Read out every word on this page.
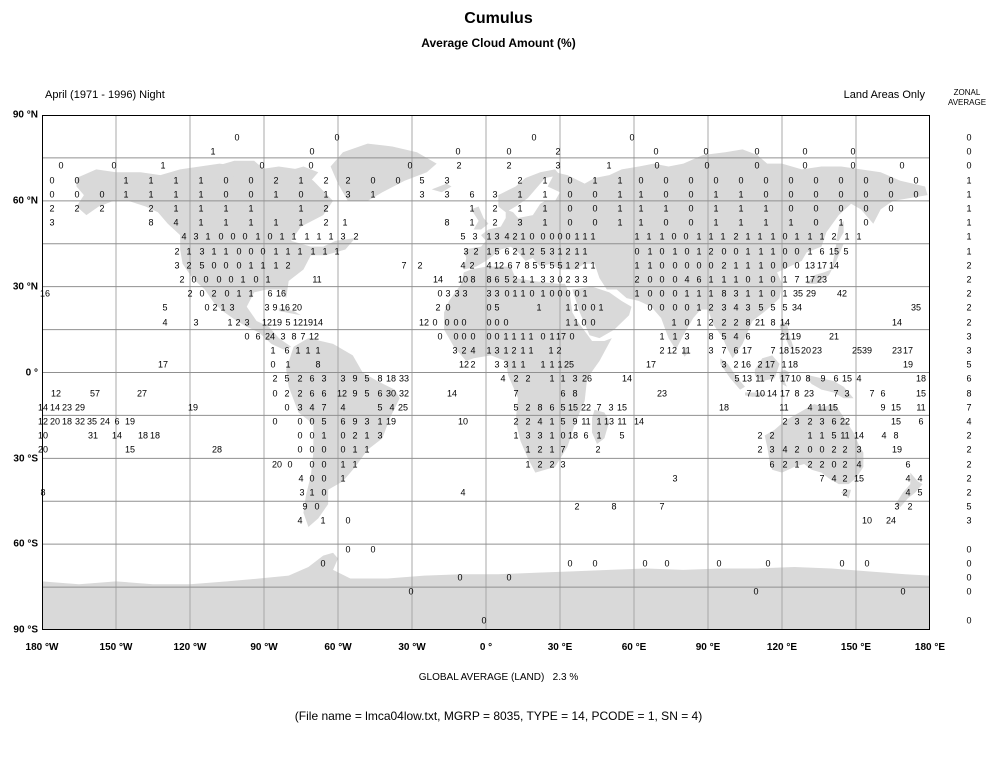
Cumulus
Average Cloud Amount (%)
April (1971 - 1996) Night	Land Areas Only	ZONAL
AVERAGE
0	0	0	0
1	0	0	0	2	0	0	0	0	0
0	0	1	0	0	0	2	2	3	1	0	0	0	0	0	0
0 0	1 1 1 1 0 0 2 1 2 2 0 0 5 3	2 1 0 1 1 0 0 0 0 0 0 0 0 0 0 0 0
0 0 0 1 1 1 1 0 0 1 0 1 3 1	3 3 6 3 1 1 0 0 1 1 0 0 1 1 0 0 0 0 0 0 0
2 2 2	2 1 1 1 1	1 2	1 2 1 1 0 0 1 1 1 0 1 1 1 0 0 0 0 0
3	8 4 1 1 1 1 1 2 1	8 1 2 3 1 0 0 1 1 0 0 1 1 1 1 0 1 0
4 3 1 0 0 0 1 0 1 1 1 1 1 3 2	5 3 1 3 4 2 1 0 0 0 0 0 1 1 1	1 1 1 0 0 1 1 1 2 1 1 1 0 1 1 1 2 1 1
2 1 3 1 1 0 0 0 1 1 1 1 1 1	3 2 1 5 6 2 1 2 5 3 1 2 1 1	0 1 0 1 0 1 2 0 0 1 1 1 0 0 1 6 15 5
3 2 5 0 0 0 1 1 1 2	7 2	4 2 4 12 6 7 8 5 5 5 5 1 2 1 1	1 1 0 0 0 0 0 2 1 1 1 0 0 0 13 17 14
2 0 0 0 0 1 0 1	11	14 10 8 8 6 5 2 1 1 3 3 0 2 3 3	2 0 0 0 4 6 1 1 1 0 1 0 1 7 17 23
16	2 0 2 0 1 1 6 16	0 3 3 3 3 3 0 1 1 0 1 0 0 0 0 1	1 0 0 0 1 1 1 8 3 1 1 0 1 35 29 42
5	0 2 1 3	3 9 16 20	2 0	0 5	1	1 1 0 0 1	0 0 0 0 1 2 3 4 3 5 5 5 34	35
4	3	1 2 3 12 19 5 12 19 14	12 0 0 0 0 0 0 0	1 1 0 0	1 0 1 2 2 2 8 21 8 14	14
0 6 24 3 8 7 12	0 0 0 0 0 0 1 1 1 1 0 1 17 0	1 1 3 8 5 4 6	21 19	21
1 6 1 1 1	3 2 4 1 3 1 2 1 1 1 2	2 12 11 3 7 6 17 7 18 15 20 23	25 39 23 17
17	0 1	8	12 2 3 3 1 1 1 1 1 25	17	3 2 16 2 17 1 18	19
2 5 2 6 3 3 9 5 8 18 33	4 2 2 1 1 3 26	14	5 13 11 7 17 10 8 9 6 15 4	18
12	57	27	0 2 2 6 6 12 9 5 6 30 32	14	7	6 8	23	7 10 14 17 8 23 7 3 7 6	15
14 14 23 29	19	0 3 4 7 4	5 4 25	5 2 8 6 5 15 22 7 3 15	18	11 4 11 15	9 15 11
12 20 18 32 35 24 6 19	0 0 0 5 6 9 3 1 19	10	2 2 4 1 5 9 11 1 13 11 14	2 3 2 3 6 22	15 6
10	31 14 18 18	0 0 1 0 2 1 3	1 3 3 1 0 18 6 1 5	2 2	1 1 5 11 14 4 8
20	15	28	0 0 0 0 1 1	1 2 1 7	2	2 3 4 2 0 0 2 2 3	19
20 0 0 0 1 1	1 2 2 3	6 2 1 2 2 0 2 4	6
4 0 0 1	3	7 4 2 15	4 4
8	3 1 0	4	2	4 5
9 0	2	8	7	3 2
4 1 0	10 24
0 0
0	0 0	0 0	0	0	0 0
0	0
0	0	0
0
0
0
0
1
1
1
1
1
1
2
2
2
2
2
3
3
5
6
8
7
4
2
2
2
2
2
5
3
0
0
0
0
0
90 °N
60 °N
30 °N
0 °
30 °S
60 °S
90 °S
180 °W	150 °W	120 °W	90 °W	60 °W	30 °W	0 °	30 °E	60 °E	90 °E	120 °E	150 °E	180 °E
GLOBAL AVERAGE (LAND)   2.3 %
(File name = lmca04low.txt, MGRP = 8035, TYPE = 14, PCODE = 1, SN = 4)
